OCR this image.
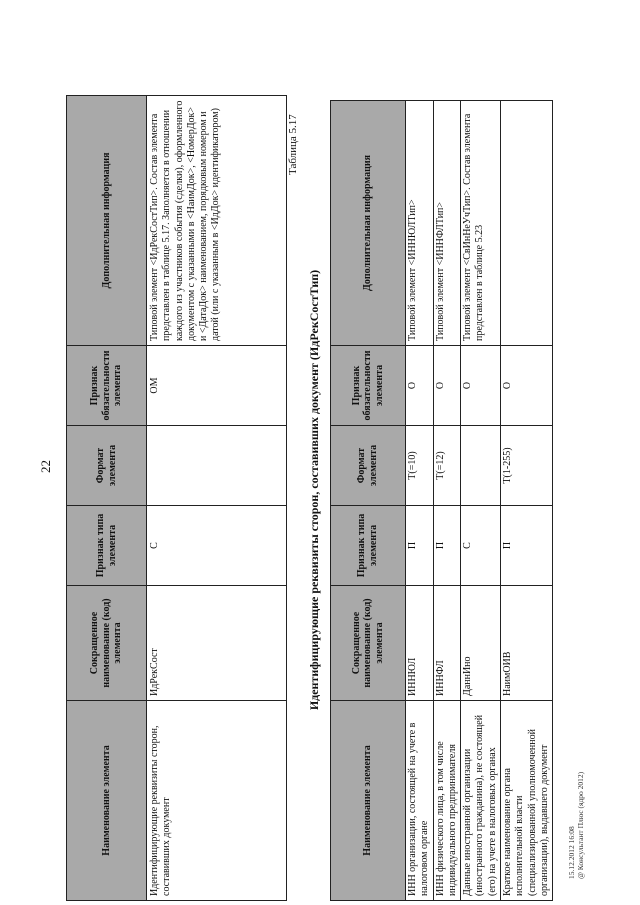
22
Наименование элемента	Сокращенное наименование (код) элемента	Признак типа элемента	Формат элемента	Признак обязательности элемента	Дополнительная информация
Идентифицирующие реквизиты сторон, составивших документ	ИдРекСост	С		ОМ	Типовой элемент <ИдРекСостТип>. Состав элемента представлен в таблице 5.17. Заполняется в отношении каждого из участников события (сделки), оформленного документом с указанными в <НаимДок>, <НомерДок> и <ДатаДок> наименованием, порядковым номером и датой (или с указанным в <ИдДок> идентификатором)	Таблица 5.17
Идентифицирующие реквизиты сторон, составивших документ (ИдРекСостТип)
Наименование элемента	Сокращенное наименование (код) элемента	Признак типа элемента	Формат элемента	Признак обязательности элемента	Дополнительная информация
ИНН организации, состоящей на учете в налоговом органе	ИННЮЛ	П	T(=10)	О	Типовой элемент <ИННЮЛТип>
ИНН физического лица, в том числе индивидуального предпринимателя	ИННФЛ	П	T(=12)	О	Типовой элемент <ИННФЛТип>
Данные иностранной организации (иностранного гражданина), не состоящей (его) на учете в налоговых органах	ДаннИно	С		О	Типовой элемент <СвИнНеУчТип>. Состав элемента представлен в таблице 5.23
Краткое наименование органа исполнительной власти (специализированной уполномоченной организации), выдавшего документ	НаимОИВ	П	T(1-255)	О	
15.12.2012 16:08 @ Консультант Плюс (ядро 2012)
